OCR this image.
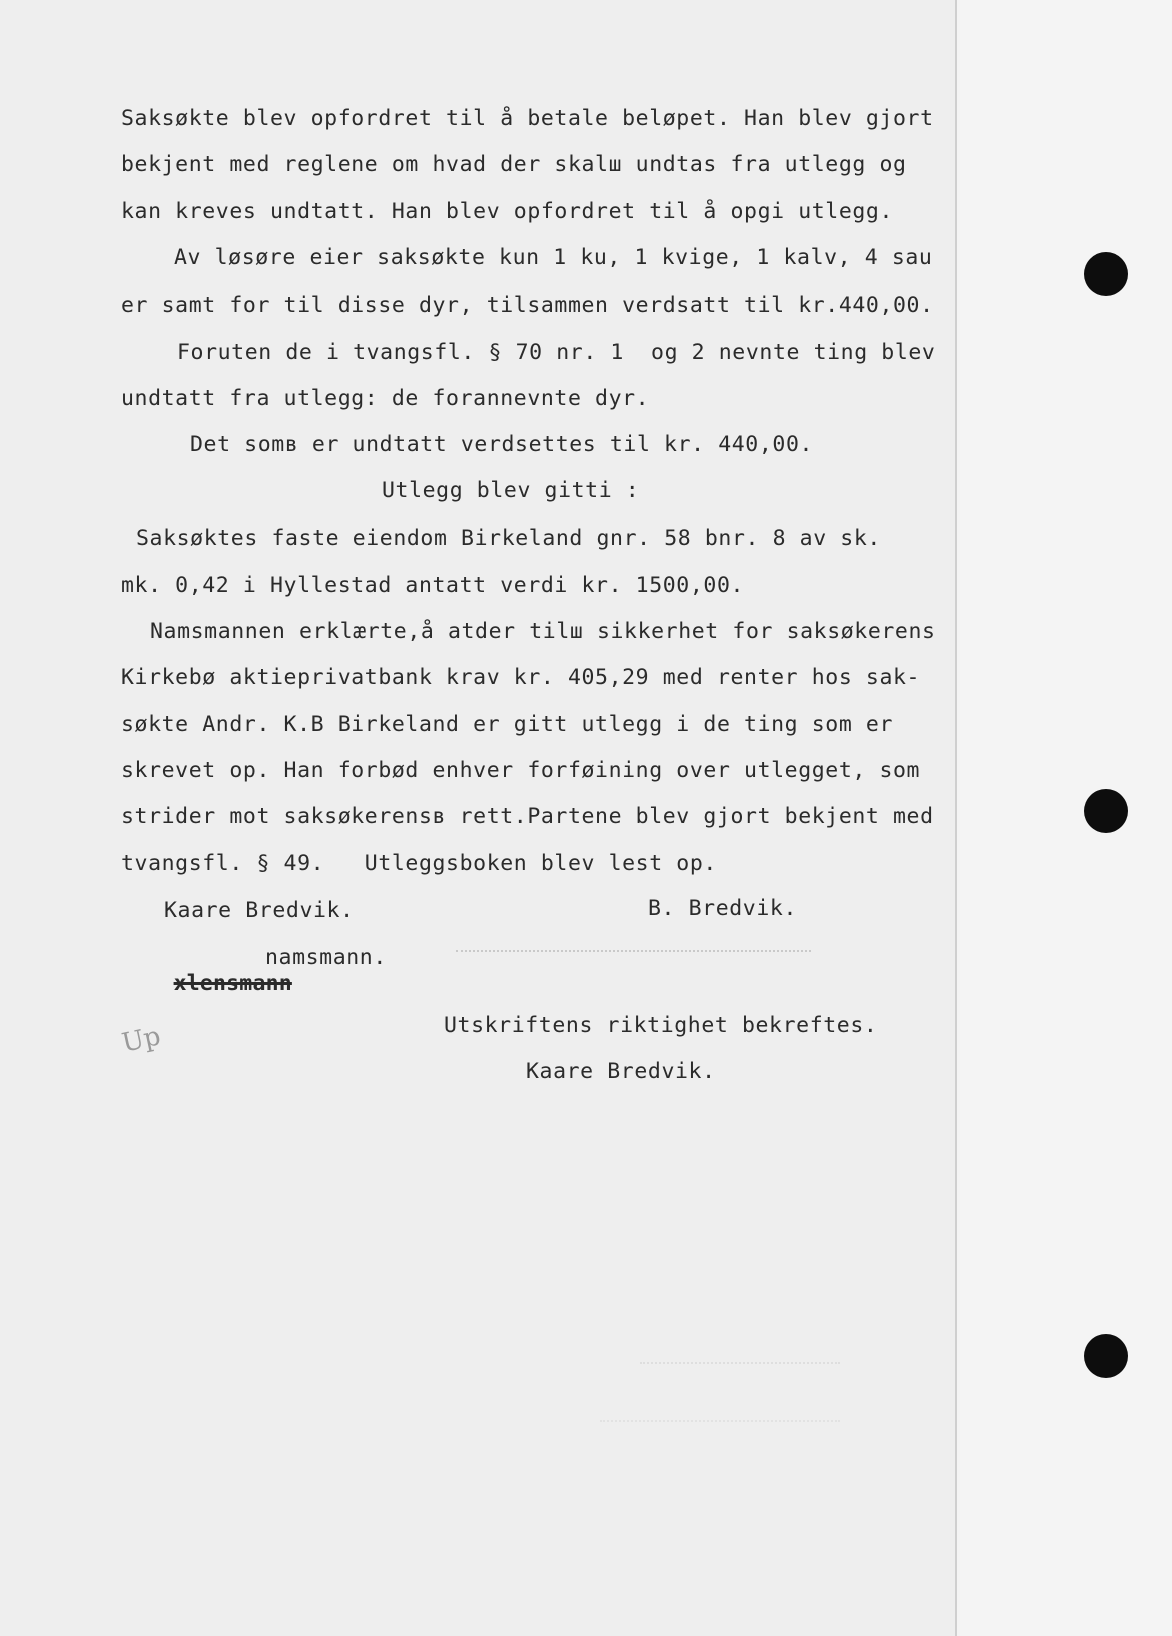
Saksøkte blev opfordret til å betale beløpet. Han blev gjort
bekjent med reglene om hvad der skalш undtas fra utlegg og
kan kreves undtatt. Han blev opfordret til å opgi utlegg.
Av løsøre eier saksøkte kun 1 ku, 1 kvige, 1 kalv, 4 sau
er samt for til disse dyr, tilsammen verdsatt til kr.440,00.
Foruten de i tvangsfl. § 70 nr. 1  og 2 nevnte ting blev
undtatt fra utlegg: de forannevnte dyr.
Det somв er undtatt verdsettes til kr. 440,00.
Utlegg blev gitti :
Saksøktes faste eiendom Birkeland gnr. 58 bnr. 8 av sk.
mk. 0,42 i Hyllestad antatt verdi kr. 1500,00.
Namsmannen erklærte,å atder tilш sikkerhet for saksøkerens
Kirkebø aktieprivatbank krav kr. 405,29 med renter hos sak-
søkte Andr. K.В Birkeland er gitt utlegg i de ting som er
skrevet op. Han forbød enhver forføining over utlegget, som
strider mot saksøkerensв rett.Partene blev gjort bekjent med
tvangsfl. § 49.   Utleggsboken blev lest op.
Kaare Bredvik.	B. Bredvik.

xlensmann

namsmann.
Utskriftens riktighet bekreftes.
Kaare Bredvik.
Up
